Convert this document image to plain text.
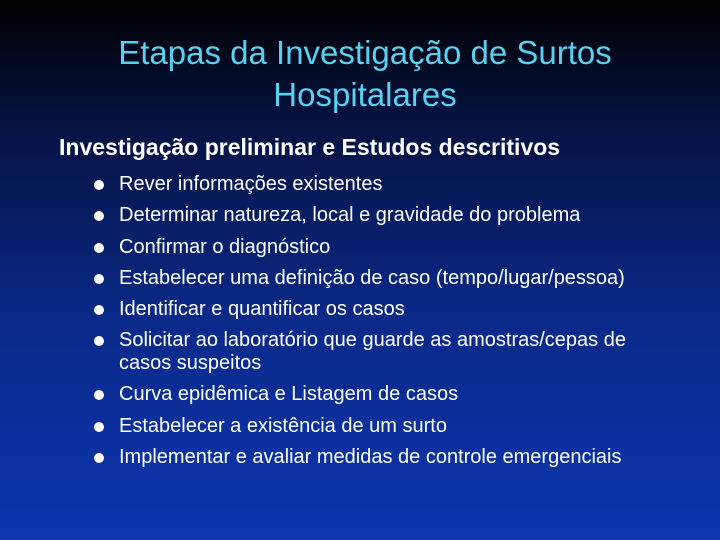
Etapas da Investigação de Surtos
Hospitalares
Investigação preliminar e Estudos descritivos
Rever informações existentes
Determinar natureza, local e gravidade do problema
Confirmar o diagnóstico
Estabelecer uma definição de caso (tempo/lugar/pessoa)
Identificar e quantificar os casos
Solicitar ao laboratório que guarde as amostras/cepas de casos suspeitos
Curva epidêmica e Listagem de casos
Estabelecer a existência de um surto
Implementar e avaliar medidas de controle emergenciais
